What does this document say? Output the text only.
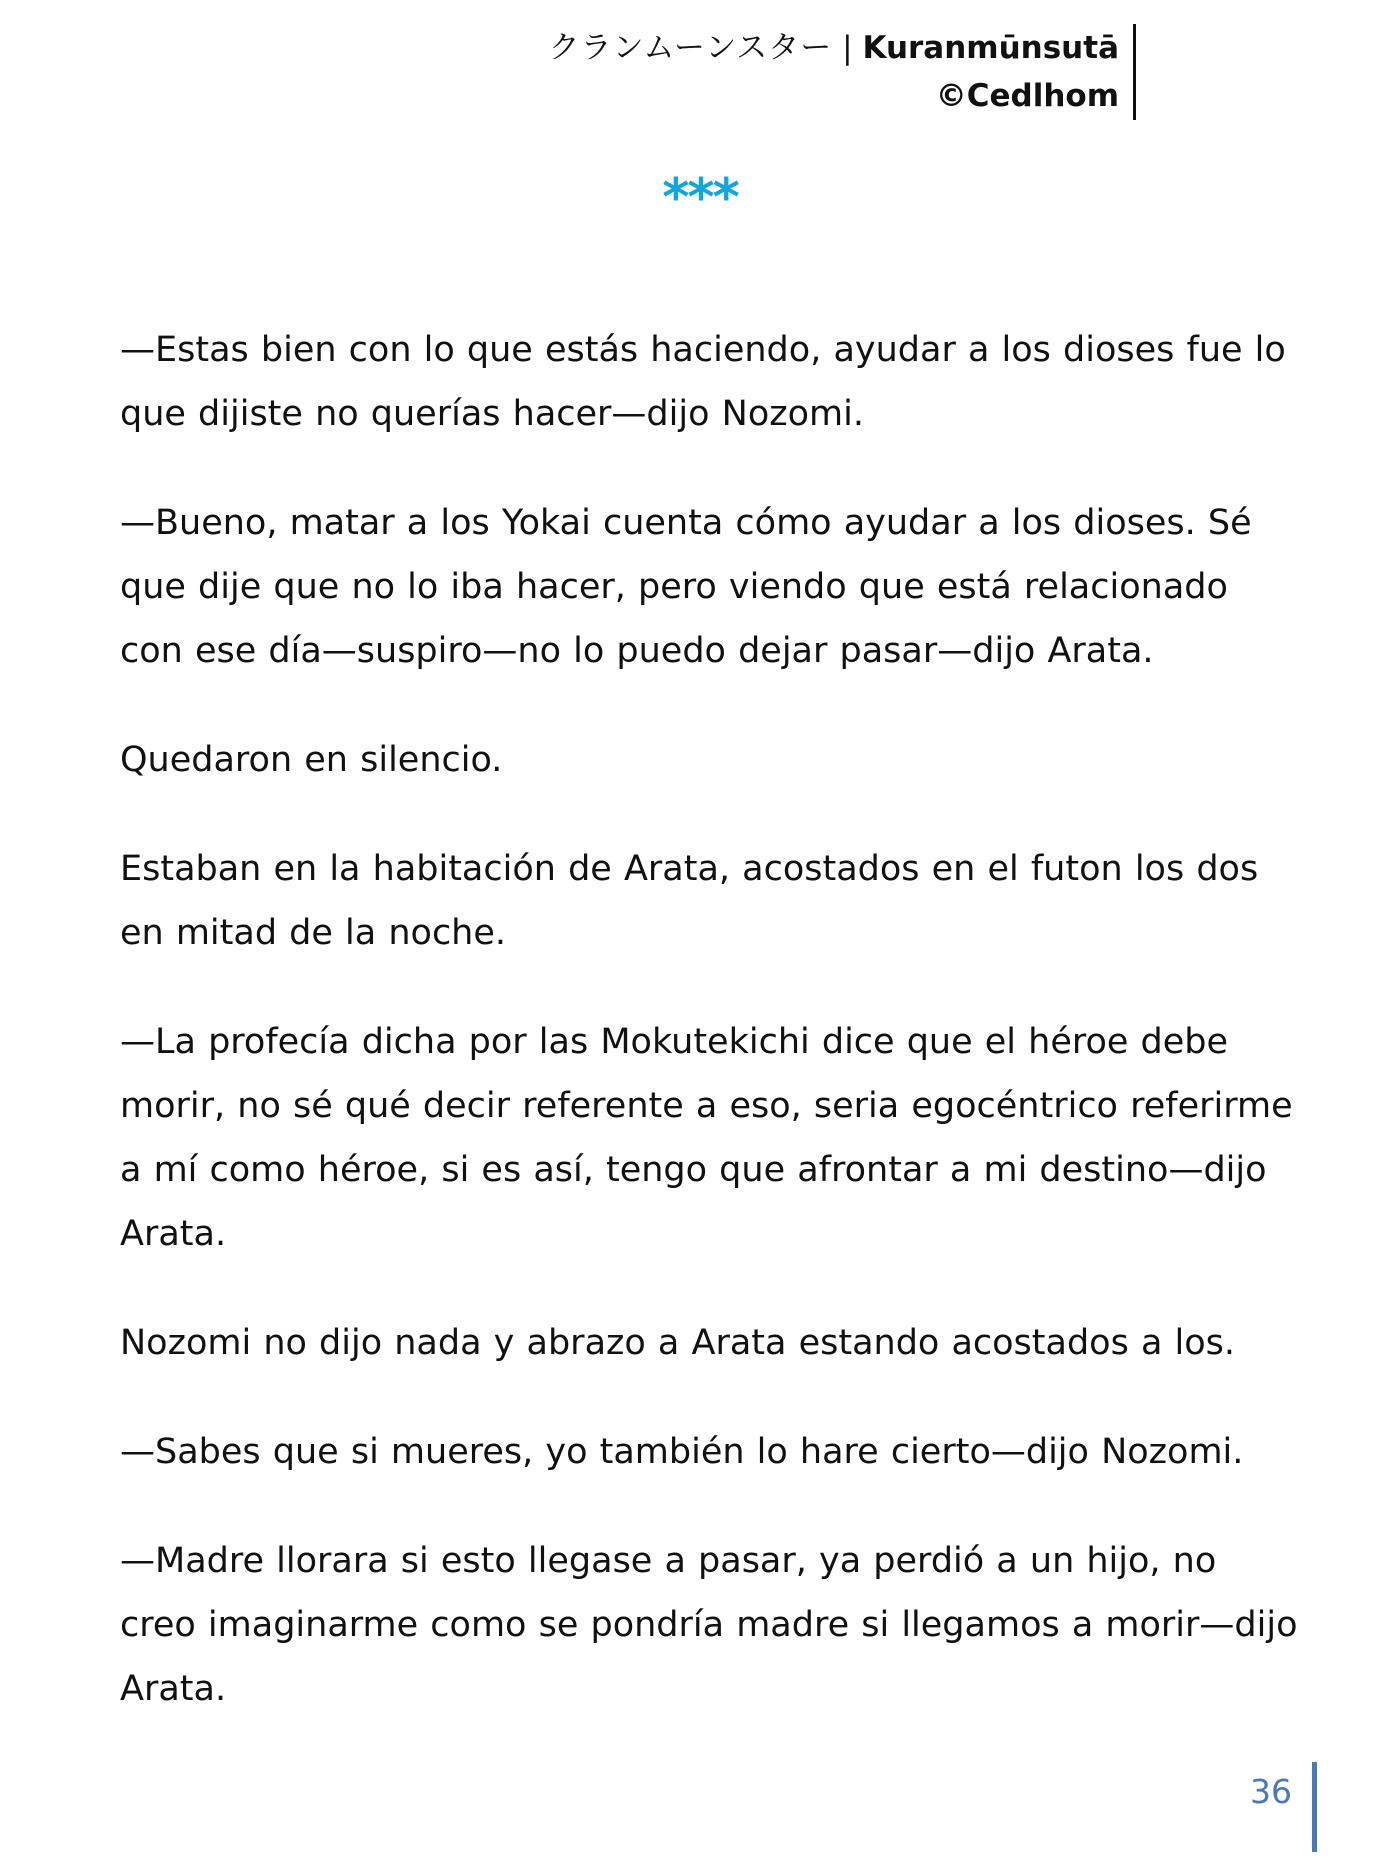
クランムーンスター | Kuranmūnsutā
©Cedlhom
***

—Estas bien con lo que estás haciendo, ayudar a los dioses fue lo que dijiste no querías hacer—dijo Nozomi.

—Bueno, matar a los Yokai cuenta cómo ayudar a los dioses. Sé que dije que no lo iba hacer, pero viendo que está relacionado con ese día—suspiro—no lo puedo dejar pasar—dijo Arata.

Quedaron en silencio.

Estaban en la habitación de Arata, acostados en el futon los dos en mitad de la noche.

—La profecía dicha por las Mokutekichi dice que el héroe debe morir, no sé qué decir referente a eso, seria egocéntrico referirme a mí como héroe, si es así, tengo que afrontar a mi destino—dijo Arata.

Nozomi no dijo nada y abrazo a Arata estando acostados a los.

—Sabes que si mueres, yo también lo hare cierto—dijo Nozomi.

—Madre llorara si esto llegase a pasar, ya perdió a un hijo, no creo imaginarme como se pondría madre si llegamos a morir—dijo Arata.

36
